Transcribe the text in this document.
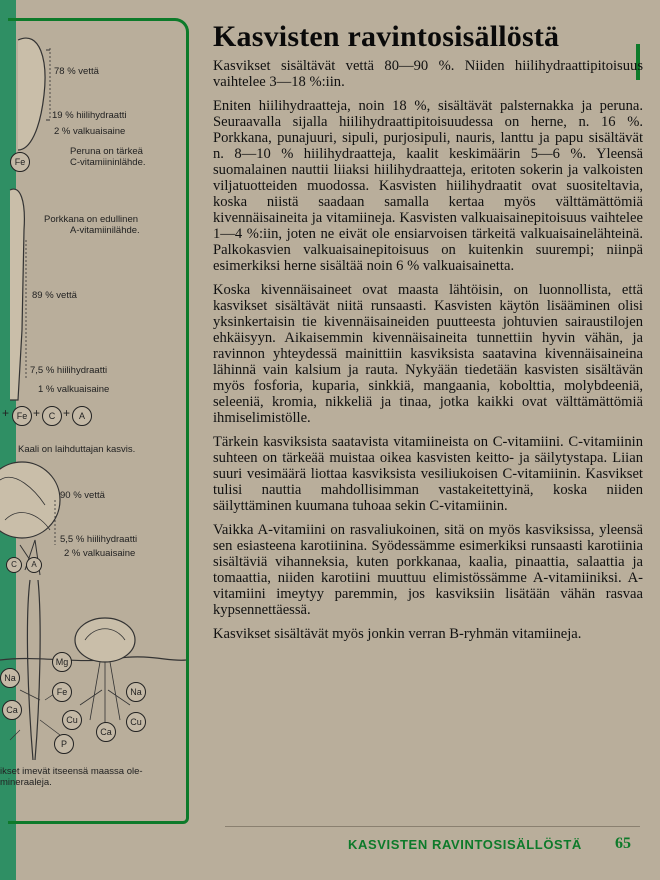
78 % vettä
19 % hiilihydraatti
2 % valkuaisaine
Peruna on tärkeä
C-vitamiininlähde.
Fe
Porkkana on edullinen
A-vitamiinilähde.
89 % vettä
7,5 % hiilihydraatti
1 % valkuaisaine
+ Fe + C + A
Kaali on laihduttajan kasvis.
90 % vettä
5,5 % hiilihydraatti
2 % valkuaisaine
C	A
Na
Mg
Na
Ca
Fe
Cu
Cu
Ca
P
ikset imevät itseensä maassa ole-
mineraaleja.
Kasvisten ravintosisällöstä

Kasvikset sisältävät vettä 80—90 %. Niiden hiilihydraattipitoisuus vaihtelee 3—18 %:iin.

Eniten hiilihydraatteja, noin 18 %, sisältävät palsternakka ja peruna. Seuraavalla sijalla hiilihydraattipitoisuudessa on herne, n. 16 %. Porkkana, punajuuri, sipuli, purjosipuli, nauris, lanttu ja papu sisältävät n. 8—10 % hiilihydraatteja, kaalit keskimäärin 5—6 %. Yleensä suomalainen nauttii liiaksi hiilihydraatteja, eritoten sokerin ja valkoisten viljatuotteiden muodossa. Kasvisten hiilihydraatit ovat suositeltavia, koska niistä saadaan samalla kertaa myös välttämättömiä kivennäisaineita ja vitamiineja. Kasvisten valkuaisainepitoisuus vaihtelee 1—4 %:iin, joten ne eivät ole ensiarvoisen tärkeitä valkuaisainelähteinä. Palkokasvien valkuaisainepitoisuus on kuitenkin suurempi; niinpä esimerkiksi herne sisältää noin 6 % valkuaisainetta.

Koska kivennäisaineet ovat maasta lähtöisin, on luonnollista, että kasvikset sisältävät niitä runsaasti. Kasvisten käytön lisääminen olisi yksinkertaisin tie kivennäisaineiden puutteesta johtuvien sairaustilojen ehkäisyyn. Aikaisemmin kivennäisaineita tunnettiin hyvin vähän, ja ravinnon yhteydessä mainittiin kasviksista saatavina kivennäisaineina lähinnä vain kalsium ja rauta. Nykyään tiedetään kasvisten sisältävän myös fosforia, kuparia, sinkkiä, mangaania, kobolttia, molybdeeniä, seleeniä, kromia, nikkeliä ja tinaa, jotka kaikki ovat välttämättömiä ihmiselimistölle.

Tärkein kasviksista saatavista vitamiineista on C-vitamiini. C-vitamiinin suhteen on tärkeää muistaa oikea kasvisten keitto- ja säilytystapa. Liian suuri vesimäärä liottaa kasviksista vesiliukoisen C-vitamiinin. Kasvikset tulisi nauttia mahdollisimman vastakeitettyinä, koska niiden säilyttäminen kuumana tuhoaa sekin C-vitamiinin.

Vaikka A-vitamiini on rasvaliukoinen, sitä on myös kasviksissa, yleensä sen esiasteena karotiinina. Syödessämme esimerkiksi runsaasti karotiinia sisältäviä vihanneksia, kuten porkkanaa, kaalia, pinaattia, salaattia ja tomaattia, niiden karotiini muuttuu elimistössämme A-vitamiiniksi. A-vitamiini imeytyy paremmin, jos kasviksiin lisätään vähän rasvaa kypsennettäessä.

Kasvikset sisältävät myös jonkin verran B-ryhmän vitamiineja.

KASVISTEN RAVINTOSISÄLLÖSTÄ 65
